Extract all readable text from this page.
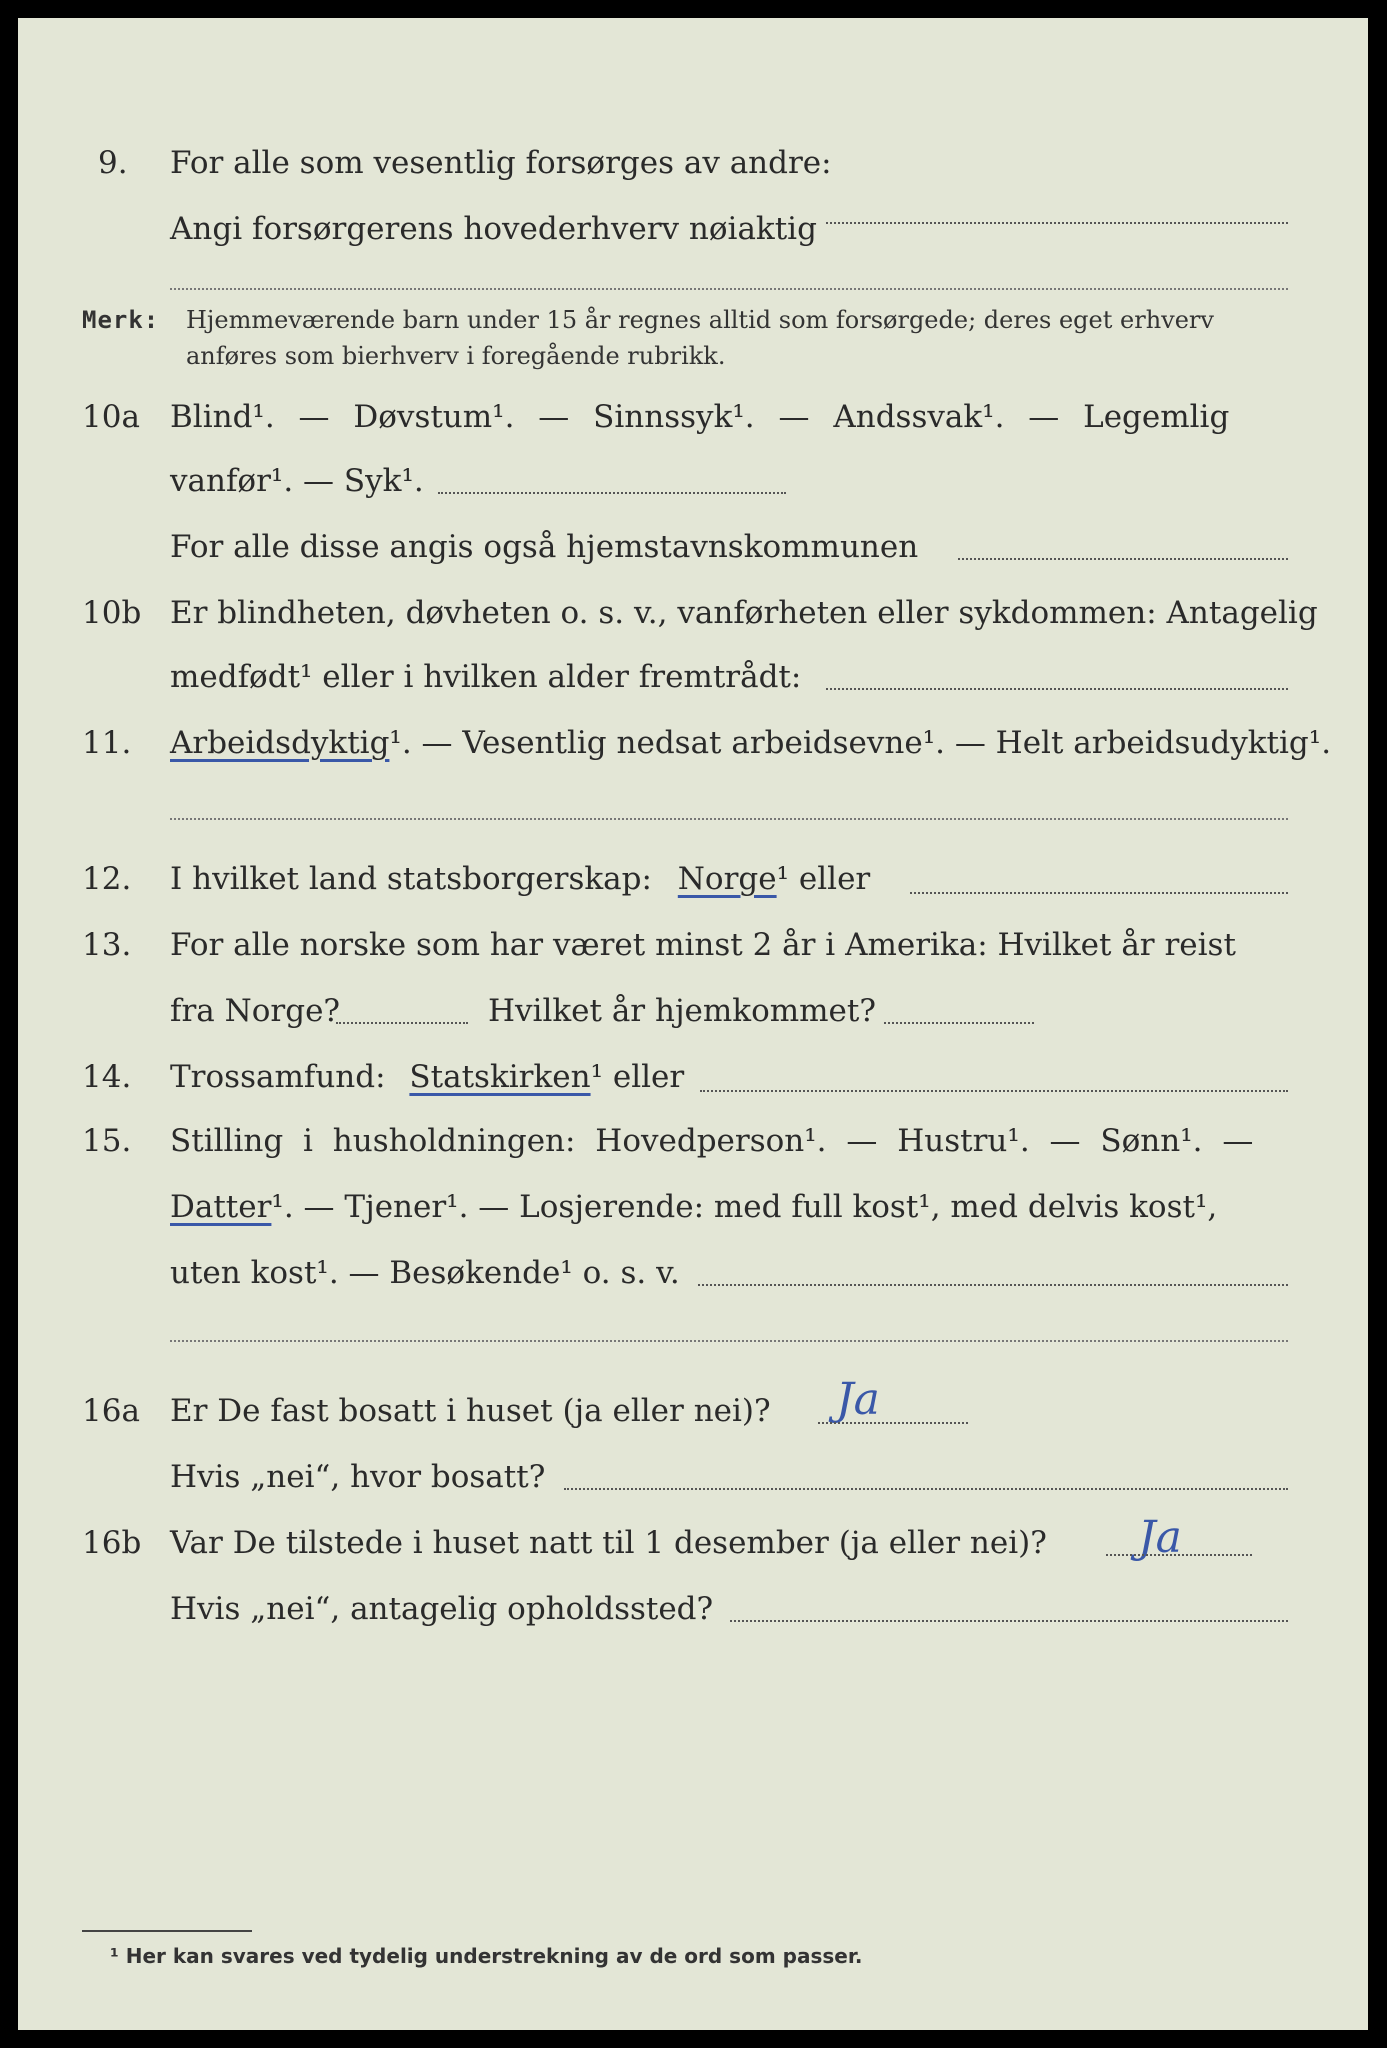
9. For alle som vesentlig forsørges av andre:
Angi forsørgerens hovederhverv nøiaktig
Merk: Hjemmeværende barn under 15 år regnes alltid som forsørgede; deres eget erhverv
anføres som bierhverv i foregående rubrikk.
10a Blind¹. — Døvstum¹. — Sinnssyk¹. — Andssvak¹. — Legemlig
vanfør¹. — Syk¹.
For alle disse angis også hjemstavnskommunen
10b Er blindheten, døvheten o. s. v., vanførheten eller sykdommen: Antagelig
medfødt¹ eller i hvilken alder fremtrådt:
11. Arbeidsdyktig¹. — Vesentlig nedsat arbeidsevne¹. — Helt arbeidsudyktig¹.
12. I hvilket land statsborgerskap: Norge¹ eller
13. For alle norske som har været minst 2 år i Amerika: Hvilket år reist
fra Norge?	Hvilket år hjemkommet?
14. Trossamfund: Statskirken¹ eller
15. Stilling i husholdningen: Hovedperson¹. — Hustru¹. — Sønn¹. —
Datter¹. — Tjener¹. — Losjerende: med full kost¹, med delvis kost¹,
uten kost¹. — Besøkende¹ o. s. v.
16a Er De fast bosatt i huset (ja eller nei)? Ja
Hvis „nei“, hvor bosatt?
16b Var De tilstede i huset natt til 1 desember (ja eller nei)? Ja
Hvis „nei“, antagelig opholdssted?
¹ Her kan svares ved tydelig understrekning av de ord som passer.
